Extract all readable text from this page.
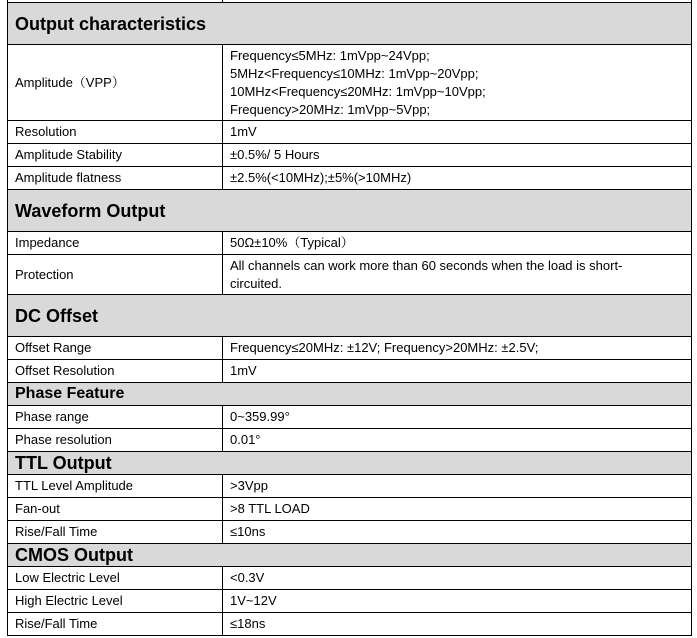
Output characteristics	
Amplitude（VPP）	Frequency≤5MHz: 1mVpp~24Vpp;
5MHz<Frequency≤10MHz: 1mVpp~20Vpp;
10MHz<Frequency≤20MHz: 1mVpp~10Vpp;
Frequency>20MHz: 1mVpp~5Vpp;

Resolution	1mV
Amplitude Stability	±0.5%/ 5 Hours
Amplitude flatness	±2.5%(<10MHz);±5%(>10MHz)
Waveform Output	
Impedance	50Ω±10%（Typical）
Protection	All channels can work more than 60 seconds when the load is short-
circuited.

DC Offset	
Offset Range	Frequency≤20MHz: ±12V; Frequency>20MHz: ±2.5V;
Offset Resolution	1mV
Phase Feature	
Phase range	0~359.99°
Phase resolution	0.01°
TTL Output	
TTL Level Amplitude	>3Vpp
Fan-out	>8 TTL LOAD
Rise/Fall Time	≤10ns
CMOS Output	
Low Electric Level	<0.3V
High Electric Level	1V~12V
Rise/Fall Time	≤18ns
